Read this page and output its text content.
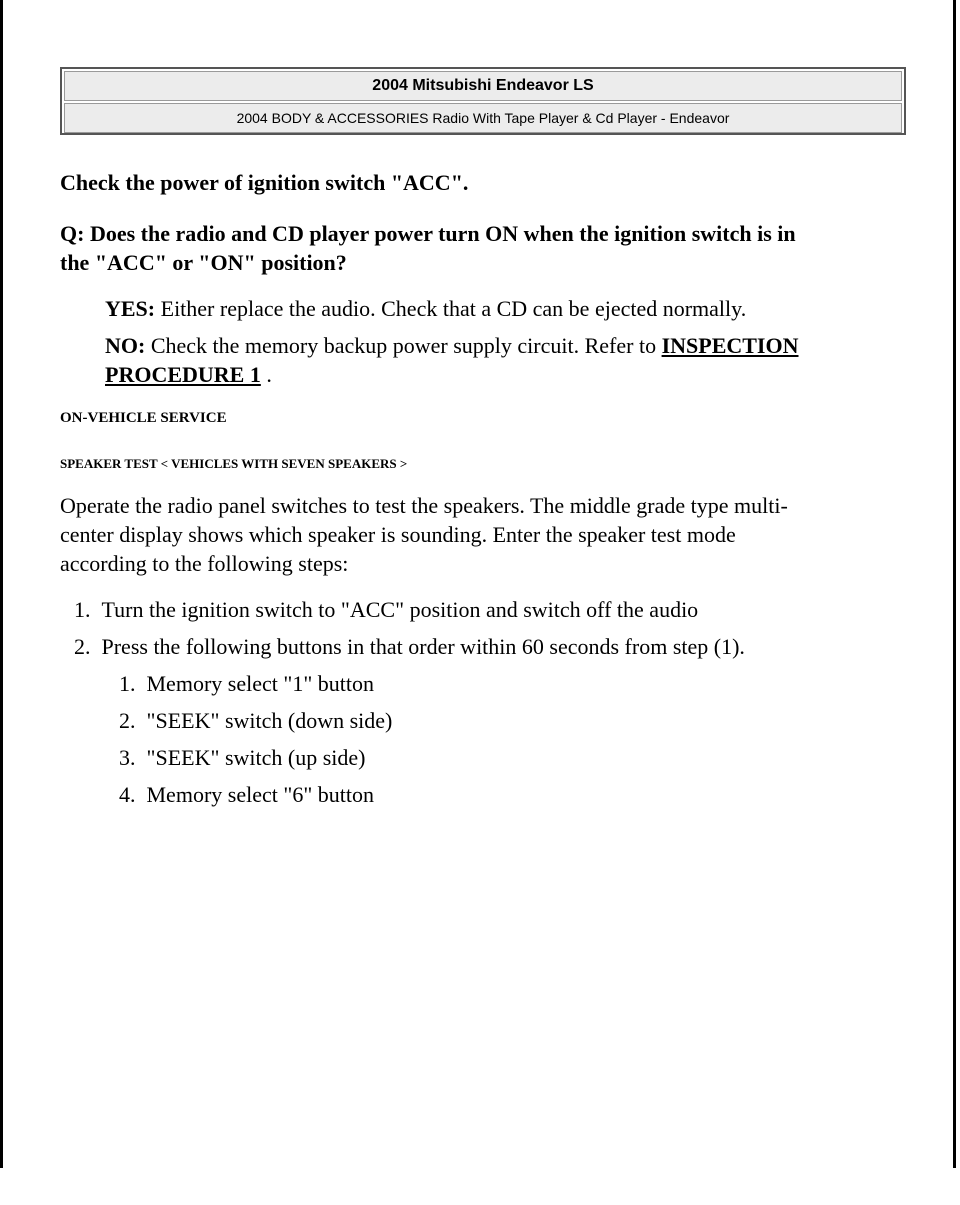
2004 Mitsubishi Endeavor LS
2004 BODY & ACCESSORIES Radio With Tape Player & Cd Player - Endeavor
Check the power of ignition switch "ACC".
Q: Does the radio and CD player power turn ON when the ignition switch is in
the "ACC" or "ON" position?
YES: Either replace the audio. Check that a CD can be ejected normally.
NO: Check the memory backup power supply circuit. Refer to INSPECTION
PROCEDURE 1 .
ON-VEHICLE SERVICE
SPEAKER TEST < VEHICLES WITH SEVEN SPEAKERS >
Operate the radio panel switches to test the speakers. The middle grade type multi-
center display shows which speaker is sounding. Enter the speaker test mode
according to the following steps:
1. Turn the ignition switch to "ACC" position and switch off the audio
2. Press the following buttons in that order within 60 seconds from step (1).
1. Memory select "1" button
2. "SEEK" switch (down side)
3. "SEEK" switch (up side)
4. Memory select "6" button
